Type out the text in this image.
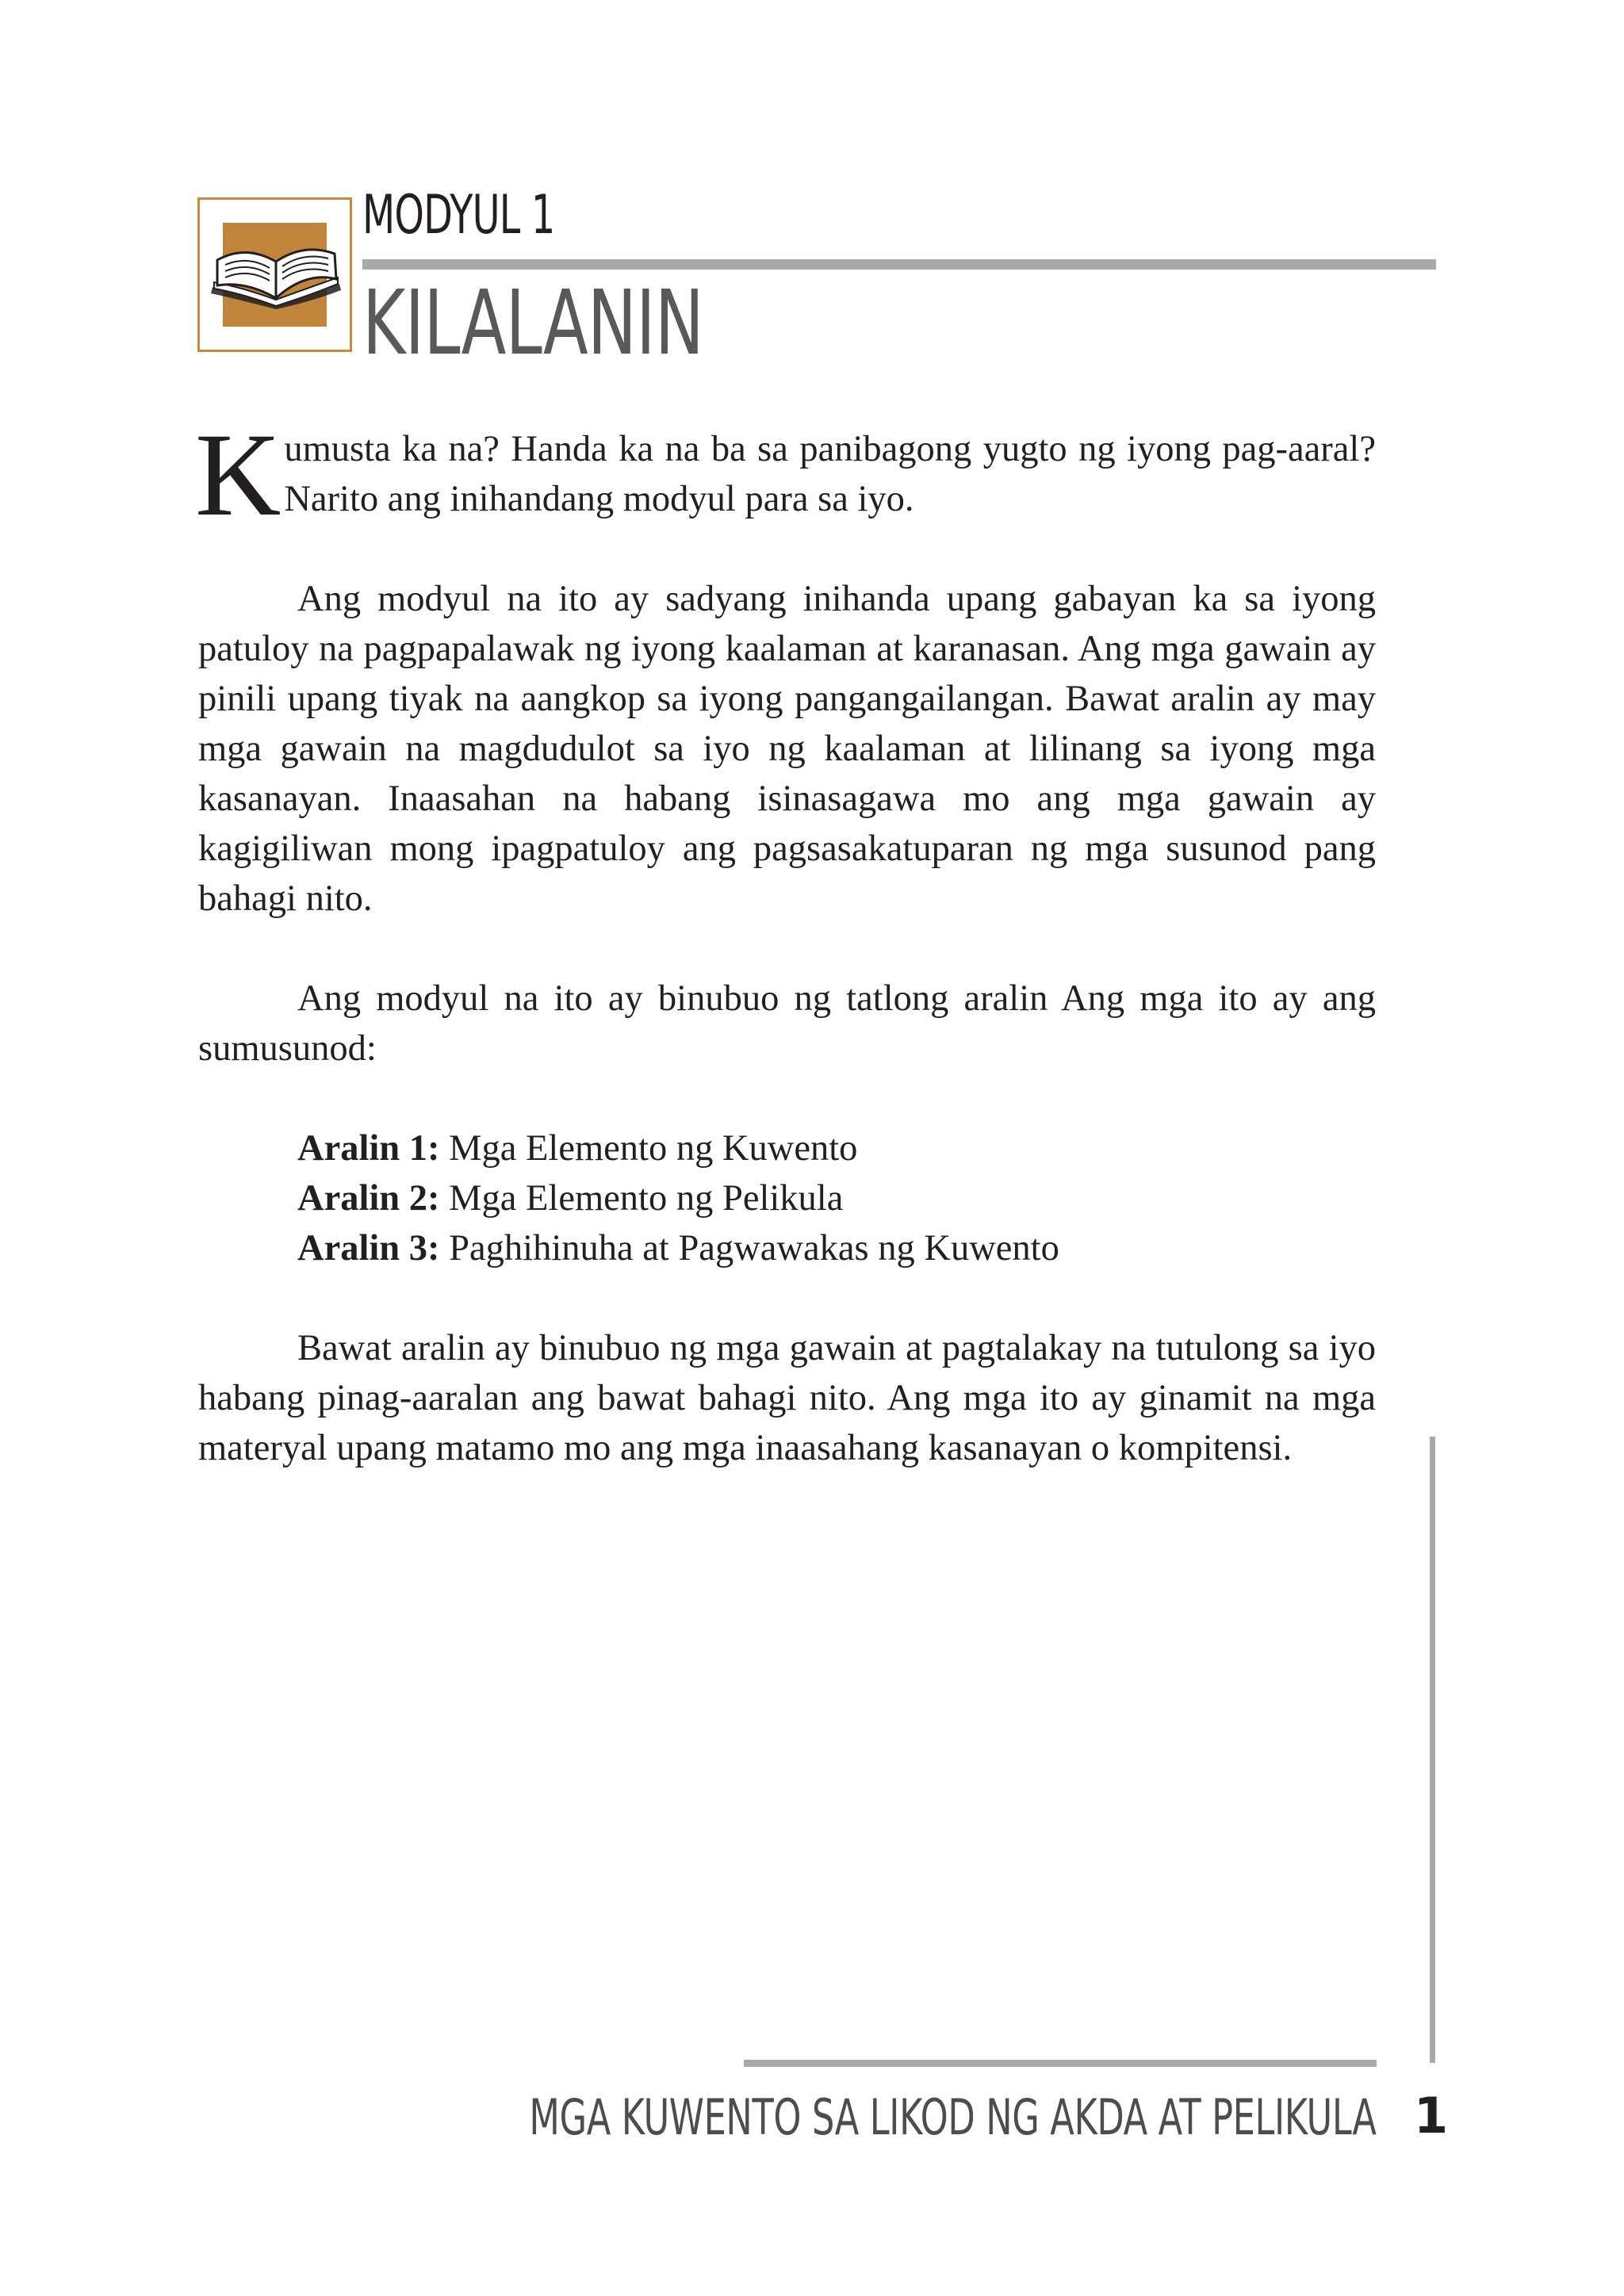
MODYUL 1
KILALANIN

Kumusta ka na? Handa ka na ba sa panibagong yugto ng iyong pag-aaral? Narito ang inihandang modyul para sa iyo.

Ang modyul na ito ay sadyang inihanda upang gabayan ka sa iyong patuloy na pagpapalawak ng iyong kaalaman at karanasan. Ang mga gawain ay pinili upang tiyak na aangkop sa iyong pangangailangan. Bawat aralin ay may mga gawain na magdudulot sa iyo ng kaalaman at lilinang sa iyong mga kasanayan. Inaasahan na habang isinasagawa mo ang mga gawain ay kagigiliwan mong ipagpatuloy ang pagsasakatuparan ng mga susunod pang bahagi nito.

Ang modyul na ito ay binubuo ng tatlong aralin Ang mga ito ay ang sumusunod:

Aralin 1: Mga Elemento ng Kuwento
Aralin 2: Mga Elemento ng Pelikula
Aralin 3: Paghihinuha at Pagwawakas ng Kuwento

Bawat aralin ay binubuo ng mga gawain at pagtalakay na tutulong sa iyo habang pinag-aaralan ang bawat bahagi nito. Ang mga ito ay ginamit na mga materyal upang matamo mo ang mga inaasahang kasanayan o kompitensi.

MGA KUWENTO SA LIKOD NG AKDA AT PELIKULA 1
